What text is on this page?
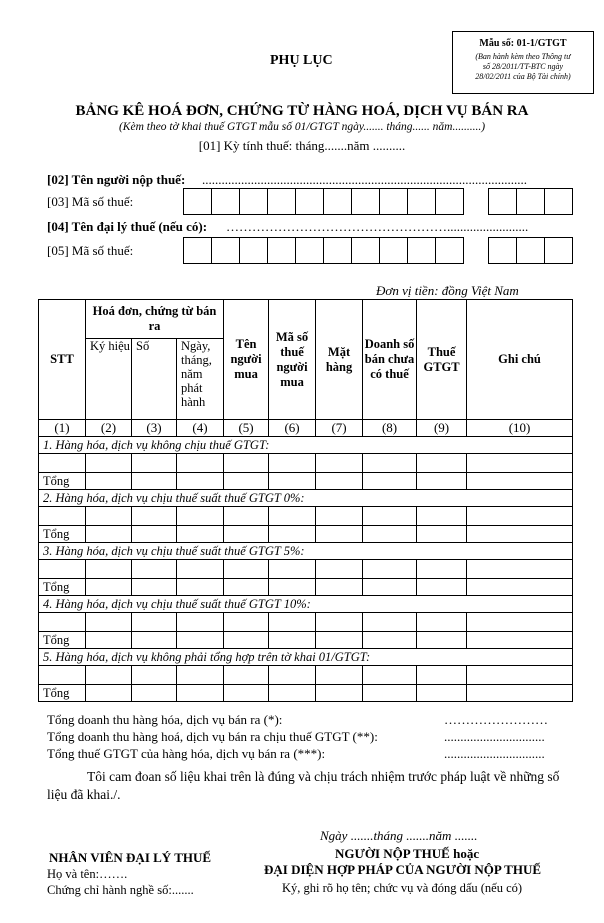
Mẫu số: 01-1/GTGT
(Ban hành kèm theo Thông tư
số 28/2011/TT-BTC ngày
28/02/2011 của Bộ Tài chính)
PHỤ LỤC
BẢNG KÊ HOÁ ĐƠN, CHỨNG TỪ HÀNG HOÁ, DỊCH VỤ BÁN RA
(Kèm theo tờ khai thuế GTGT mẫu số 01/GTGT ngày....... tháng...... năm..........)
[01] Kỳ tính thuế: tháng.......năm ..........
[02] Tên người nộp thuế: ....................................................................................................
[03] Mã số thuế:
[04] Tên đại lý thuế (nếu có): …………………………………………….........................
[05] Mã số thuế:
Đơn vị tiền: đồng Việt Nam
STT	Hoá đơn, chứng từ bán ra			Tên người mua	Mã số thuế người mua	Mặt hàng	Doanh số bán chưa có thuế	Thuế GTGT	Ghi chú
	Ký hiệu	Số	Ngày, tháng, năm phát hành						
(1)	(2)	(3)	(4)	(5)	(6)	(7)	(8)	(9)	(10)
1. Hàng hóa, dịch vụ không chịu thuế GTGT:									

Tổng									
2. Hàng hóa, dịch vụ chịu thuế suất thuế GTGT 0%:									

Tổng									
3. Hàng hóa, dịch vụ chịu thuế suất thuế GTGT 5%:									

Tổng									
4. Hàng hóa, dịch vụ chịu thuế suất thuế GTGT 10%:									

Tổng									
5. Hàng hóa, dịch vụ không phải tổng hợp trên tờ khai 01/GTGT:									

Tổng									
Tổng doanh thu hàng hóa, dịch vụ bán ra (*):	……………………
Tổng doanh thu hàng hoá, dịch vụ bán ra chịu thuế GTGT (**):	...............................
Tổng thuế GTGT của hàng hóa, dịch vụ bán ra (***):	...............................
Tôi cam đoan số liệu khai trên là đúng và chịu trách nhiệm trước pháp luật về những số liệu đã khai./.
Ngày .......tháng .......năm .......
NHÂN VIÊN ĐẠI LÝ THUẾ
Họ và tên:…….
Chứng chỉ hành nghề số:.......
NGƯỜI NỘP THUẾ hoặc
ĐẠI DIỆN HỢP PHÁP CỦA NGƯỜI NỘP THUẾ
Ký, ghi rõ họ tên; chức vụ và đóng dấu (nếu có)
